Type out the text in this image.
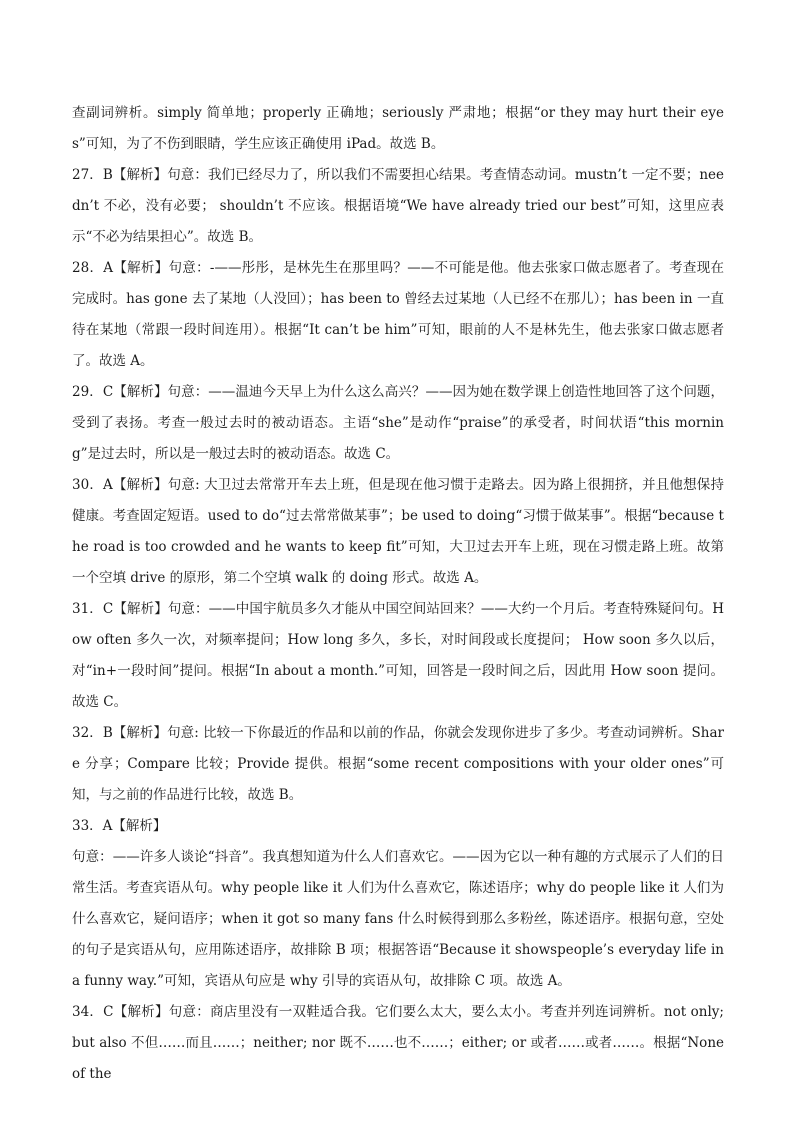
查副词辨析。simply 简单地；properly 正确地；seriously 严肃地；根据“or they may hurt their eyes”可知，为了不伤到眼睛，学生应该正确使用 iPad。故选 B。

27．B【解析】句意：我们已经尽力了，所以我们不需要担心结果。考查情态动词。mustn’t 一定不要；needn’t 不必，没有必要； shouldn’t 不应该。根据语境“We have already tried our best”可知，这里应表示“不必为结果担心”。故选 B。

28．A【解析】句意：-——彤彤，是林先生在那里吗？——不可能是他。他去张家口做志愿者了。考查现在完成时。has gone 去了某地（人没回）；has been to 曾经去过某地（人已经不在那儿）；has been in 一直待在某地（常跟一段时间连用）。根据“It can’t be him”可知，眼前的人不是林先生，他去张家口做志愿者了。故选 A。

29．C【解析】句意：——温迪今天早上为什么这么高兴？——因为她在数学课上创造性地回答了这个问题，受到了表扬。考查一般过去时的被动语态。主语“she”是动作“praise”的承受者，时间状语“this morning”是过去时，所以是一般过去时的被动语态。故选 C。

30．A【解析】句意: 大卫过去常常开车去上班，但是现在他习惯于走路去。因为路上很拥挤，并且他想保持健康。考查固定短语。used to do“过去常常做某事”；be used to doing“习惯于做某事”。根据“because the road is too crowded and he wants to keep fit”可知，大卫过去开车上班，现在习惯走路上班。故第一个空填 drive 的原形，第二个空填 walk 的 doing 形式。故选 A。

31．C【解析】句意：——中国宇航员多久才能从中国空间站回来？——大约一个月后。考查特殊疑问句。How often 多久一次，对频率提问；How long 多久，多长，对时间段或长度提问； How soon 多久以后，对“in+一段时间”提问。根据“In about a month.”可知，回答是一段时间之后，因此用 How soon 提问。故选 C。

32．B【解析】句意: 比较一下你最近的作品和以前的作品，你就会发现你进步了多少。考查动词辨析。Share 分享；Compare 比较；Provide 提供。根据“some recent compositions with your older ones”可知，与之前的作品进行比较，故选 B。

33．A【解析】

句意：——许多人谈论“抖音”。我真想知道为什么人们喜欢它。——因为它以一种有趣的方式展示了人们的日常生活。考查宾语从句。why people like it 人们为什么喜欢它，陈述语序；why do people like it 人们为什么喜欢它，疑问语序；when it got so many fans 什么时候得到那么多粉丝，陈述语序。根据句意，空处的句子是宾语从句，应用陈述语序，故排除 B 项；根据答语“Because it showspeople’s everyday life in a funny way.”可知，宾语从句应是 why 引导的宾语从句，故排除 C 项。故选 A。

34．C【解析】句意：商店里没有一双鞋适合我。它们要么太大，要么太小。考查并列连词辨析。not only; but also 不但……而且……；neither; nor 既不……也不……；either; or 或者……或者……。根据“None of the
